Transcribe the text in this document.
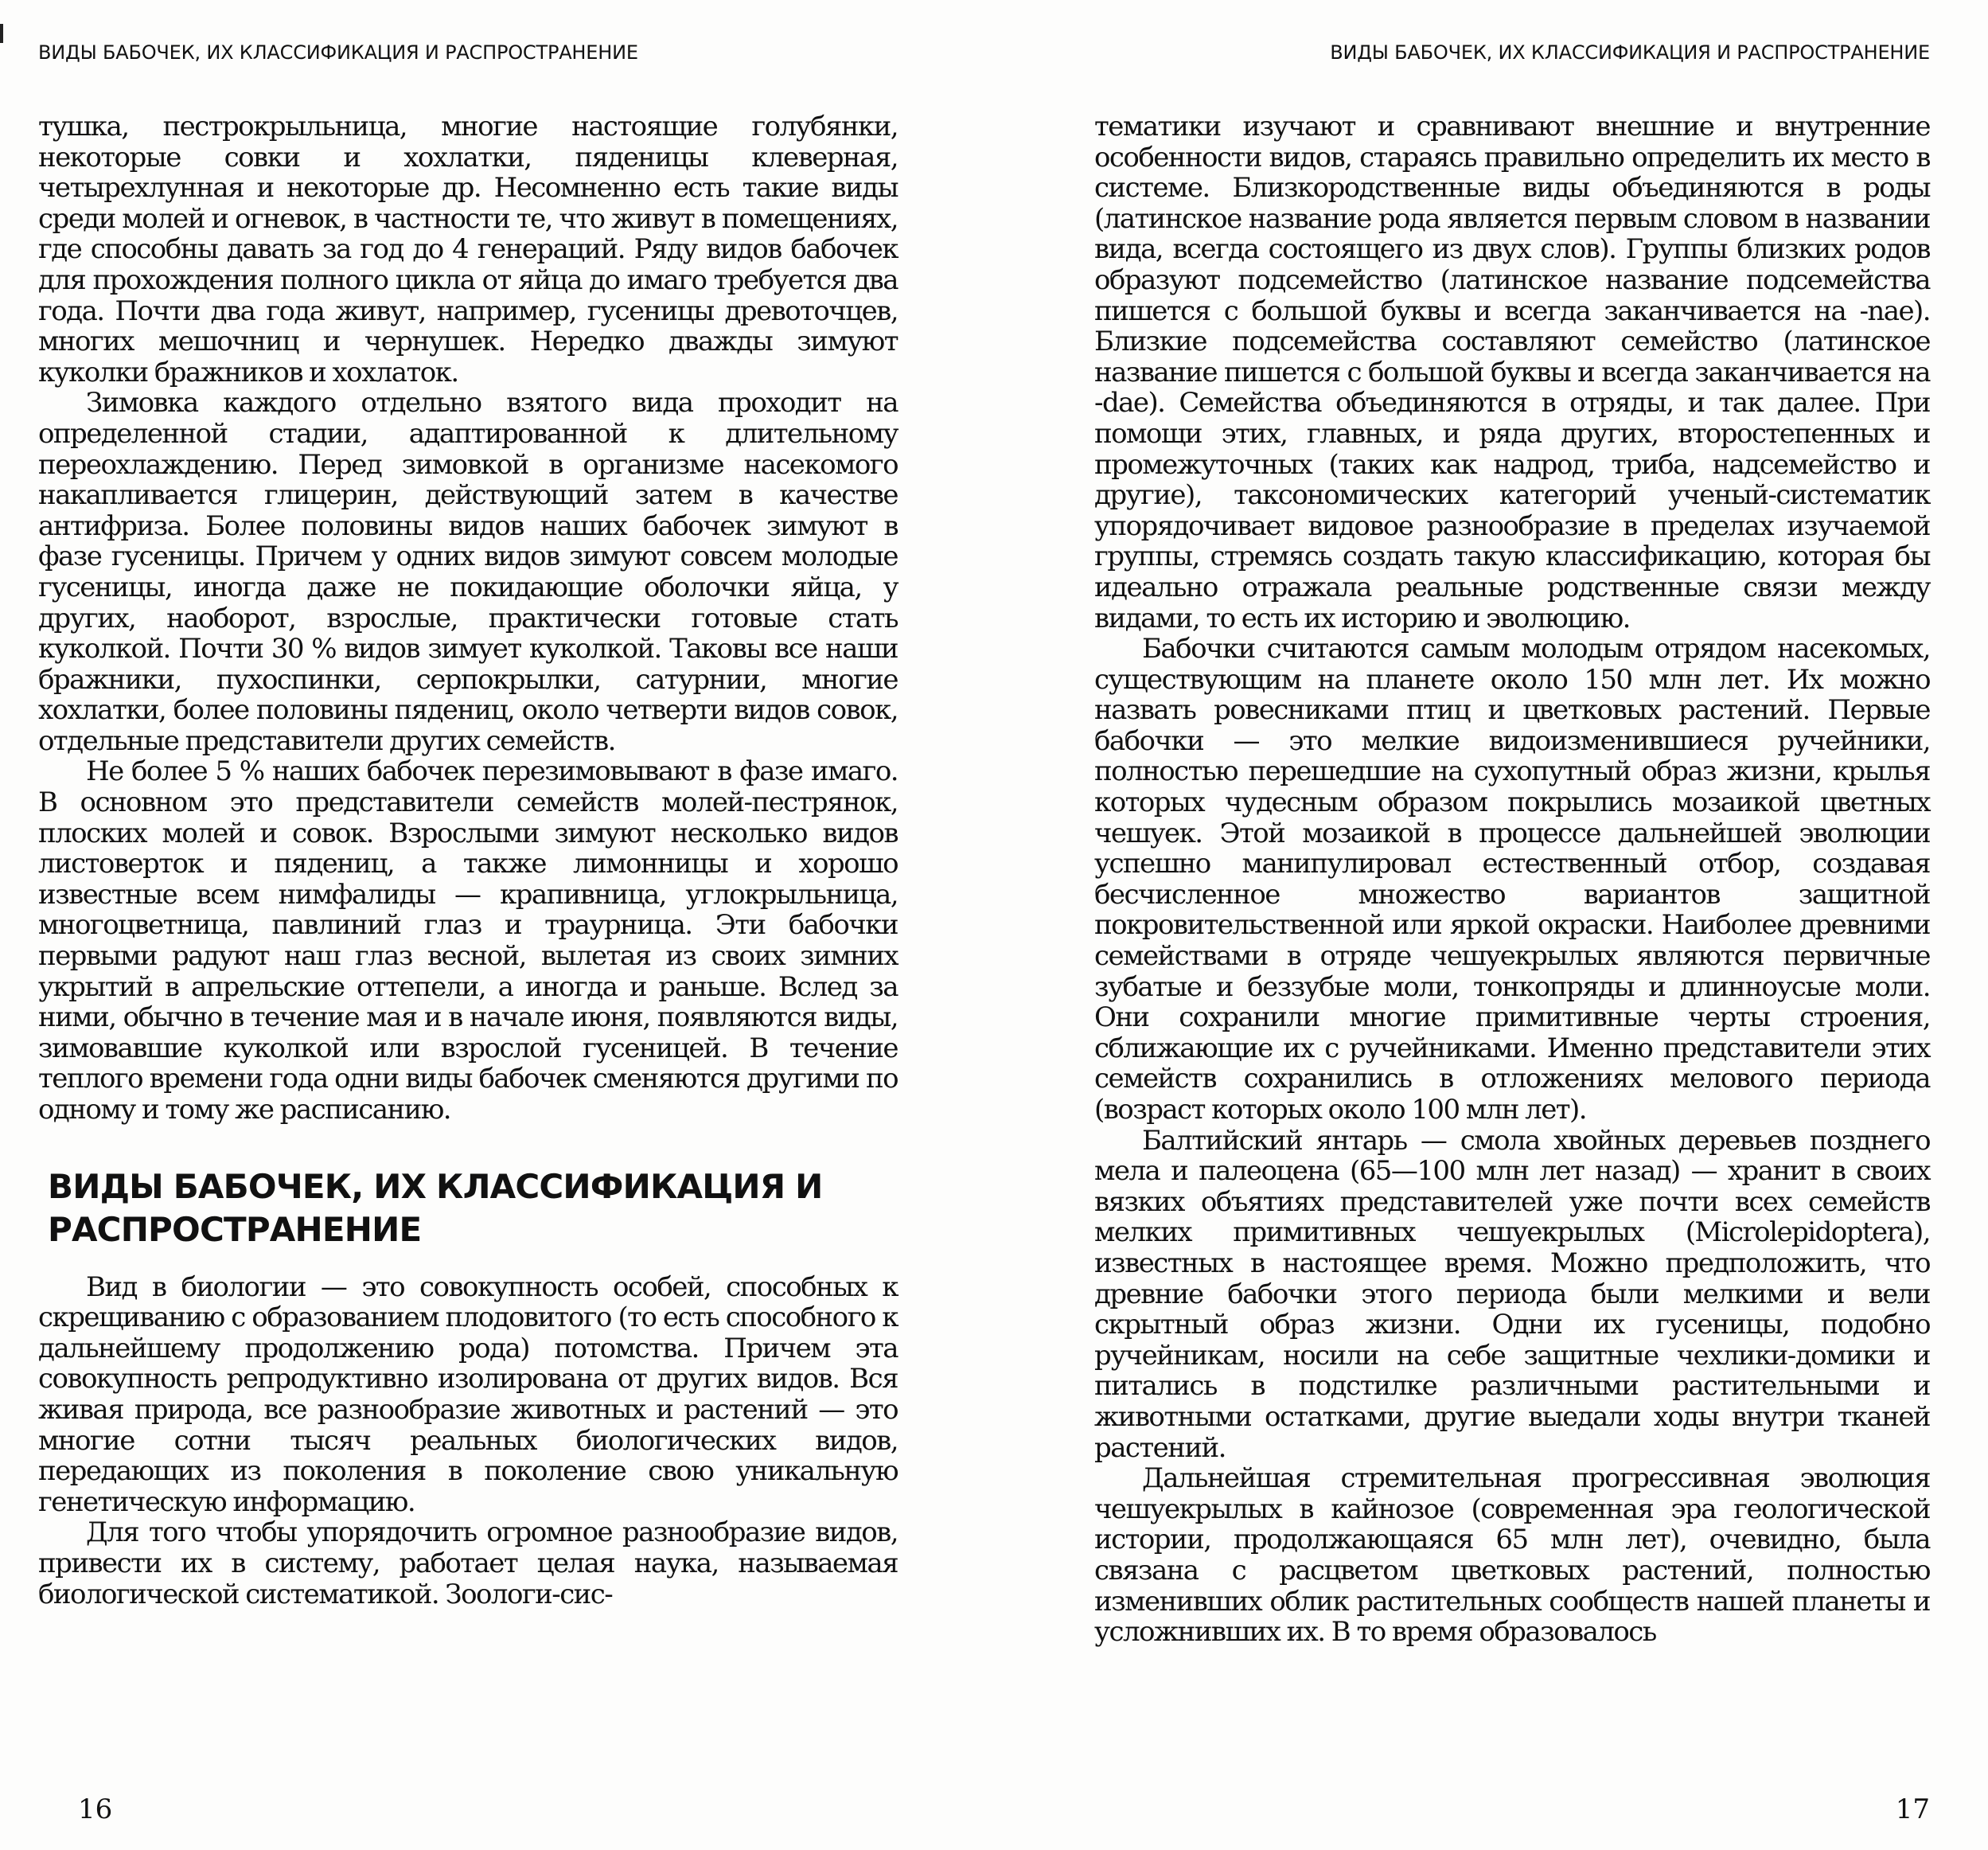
ВИДЫ БАБОЧЕК, ИХ КЛАССИФИКАЦИЯ И РАСПРОСТРАНЕНИЕ

тушка, пестрокрыльница, многие настоящие голубянки, некоторые совки и хохлатки, пяденицы клеверная, четырехлунная и некоторые др. Несомненно есть такие виды среди молей и огневок, в частности те, что живут в помещениях, где способны давать за год до 4 генераций. Ряду видов бабочек для прохождения полного цикла от яйца до имаго требуется два года. Почти два года живут, например, гусеницы древоточцев, многих мешочниц и чернушек. Нередко дважды зимуют куколки бражников и хохлаток.

Зимовка каждого отдельно взятого вида проходит на определенной стадии, адаптированной к длительному переохлаждению. Перед зимовкой в организме насекомого накапливается глицерин, действующий затем в качестве антифриза. Более половины видов наших бабочек зимуют в фазе гусеницы. Причем у одних видов зимуют совсем молодые гусеницы, иногда даже не покидающие оболочки яйца, у других, наоборот, взрослые, практически готовые стать куколкой. Почти 30 % видов зимует куколкой. Таковы все наши бражники, пухоспинки, серпокрылки, сатурнии, многие хохлатки, более половины пядениц, около четверти видов совок, отдельные представители других семейств.

Не более 5 % наших бабочек перезимовывают в фазе имаго. В основном это представители семейств молей-пестрянок, плоских молей и совок. Взрослыми зимуют несколько видов листоверток и пядениц, а также лимонницы и хорошо известные всем нимфалиды — крапивница, углокрыльница, многоцветница, павлиний глаз и траурница. Эти бабочки первыми радуют наш глаз весной, вылетая из своих зимних укрытий в апрельские оттепели, а иногда и раньше. Вслед за ними, обычно в течение мая и в начале июня, появляются виды, зимовавшие куколкой или взрослой гусеницей. В течение теплого времени года одни виды бабочек сменяются другими по одному и тому же расписанию.

ВИДЫ БАБОЧЕК, ИХ КЛАССИФИКАЦИЯ И РАСПРОСТРАНЕНИЕ

Вид в биологии — это совокупность особей, способных к скрещиванию с образованием плодовитого (то есть способного к дальнейшему продолжению рода) потомства. Причем эта совокупность репродуктивно изолирована от других видов. Вся живая природа, все разнообразие животных и растений — это многие сотни тысяч реальных биологических видов, передающих из поколения в поколение свою уникальную генетическую информацию.

Для того чтобы упорядочить огромное разнообразие видов, привести их в систему, работает целая наука, называемая биологической систематикой. Зоологи-сис-

16
ВИДЫ БАБОЧЕК, ИХ КЛАССИФИКАЦИЯ И РАСПРОСТРАНЕНИЕ

тематики изучают и сравнивают внешние и внутренние особенности видов, стараясь правильно определить их место в системе. Близкородственные виды объединяются в роды (латинское название рода является первым словом в названии вида, всегда состоящего из двух слов). Группы близких родов образуют подсемейство (латинское название подсемейства пишется с большой буквы и всегда заканчивается на -nae). Близкие подсемейства составляют семейство (латинское название пишется с большой буквы и всегда заканчивается на -dae). Семейства объединяются в отряды, и так далее. При помощи этих, главных, и ряда других, второстепенных и промежуточных (таких как надрод, триба, надсемейство и другие), таксономических категорий ученый-систематик упорядочивает видовое разнообразие в пределах изучаемой группы, стремясь создать такую классификацию, которая бы идеально отражала реальные родственные связи между видами, то есть их историю и эволюцию.

Бабочки считаются самым молодым отрядом насекомых, существующим на планете около 150 млн лет. Их можно назвать ровесниками птиц и цветковых растений. Первые бабочки — это мелкие видоизменившиеся ручейники, полностью перешедшие на сухопутный образ жизни, крылья которых чудесным образом покрылись мозаикой цветных чешуек. Этой мозаикой в процессе дальнейшей эволюции успешно манипулировал естественный отбор, создавая бесчисленное множество вариантов защитной покровительственной или яркой окраски. Наиболее древними семействами в отряде чешуекрылых являются первичные зубатые и беззубые моли, тонкопряды и длинноусые моли. Они сохранили многие примитивные черты строения, сближающие их с ручейниками. Именно представители этих семейств сохранились в отложениях мелового периода (возраст которых около 100 млн лет).

Балтийский янтарь — смола хвойных деревьев позднего мела и палеоцена (65—100 млн лет назад) — хранит в своих вязких объятиях представителей уже почти всех семейств мелких примитивных чешуекрылых (Microlepidoptera), известных в настоящее время. Можно предположить, что древние бабочки этого периода были мелкими и вели скрытный образ жизни. Одни их гусеницы, подобно ручейникам, носили на себе защитные чехлики-домики и питались в подстилке различными растительными и животными остатками, другие выедали ходы внутри тканей растений.

Дальнейшая стремительная прогрессивная эволюция чешуекрылых в кайнозое (современная эра геологической истории, продолжающаяся 65 млн лет), очевидно, была связана с расцветом цветковых растений, полностью изменивших облик растительных сообществ нашей планеты и усложнивших их. В то время образовалось

17
